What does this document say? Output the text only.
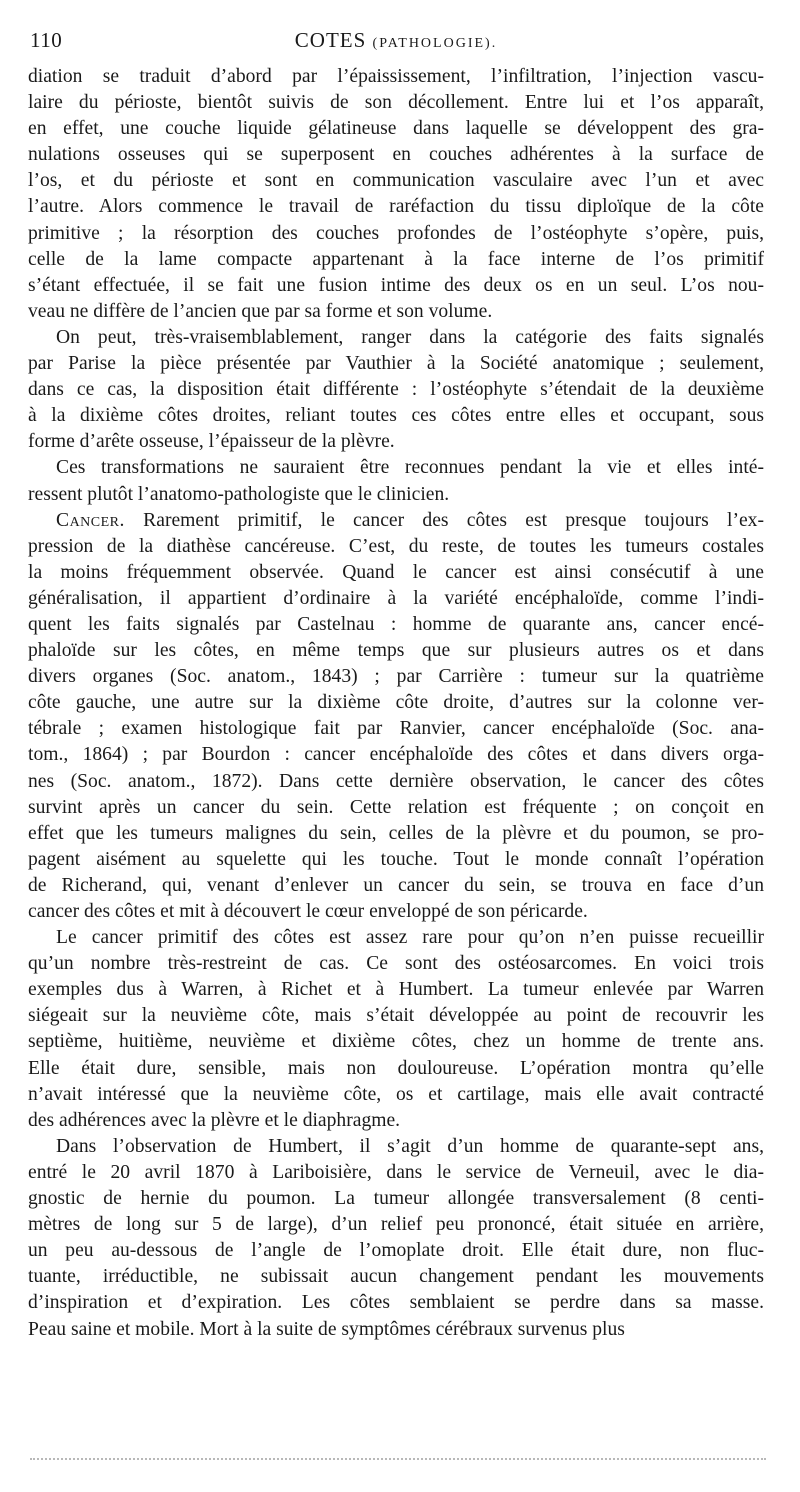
110	COTES (PATHOLOGIE).
diation se traduit d’abord par l’épaississement, l’infiltration, l’injection vascu-
laire du périoste, bientôt suivis de son décollement. Entre lui et l’os apparaît,
en effet, une couche liquide gélatineuse dans laquelle se développent des gra-
nulations osseuses qui se superposent en couches adhérentes à la surface de
l’os, et du périoste et sont en communication vasculaire avec l’un et avec
l’autre. Alors commence le travail de raréfaction du tissu diploïque de la côte
primitive ; la résorption des couches profondes de l’ostéophyte s’opère, puis,
celle de la lame compacte appartenant à la face interne de l’os primitif
s’étant effectuée, il se fait une fusion intime des deux os en un seul. L’os nou-
veau ne diffère de l’ancien que par sa forme et son volume.
On peut, très-vraisemblablement, ranger dans la catégorie des faits signalés
par Parise la pièce présentée par Vauthier à la Société anatomique ; seulement,
dans ce cas, la disposition était différente : l’ostéophyte s’étendait de la deuxième
à la dixième côtes droites, reliant toutes ces côtes entre elles et occupant, sous
forme d’arête osseuse, l’épaisseur de la plèvre.
Ces transformations ne sauraient être reconnues pendant la vie et elles inté-
ressent plutôt l’anatomo-pathologiste que le clinicien.
Cancer. Rarement primitif, le cancer des côtes est presque toujours l’ex-
pression de la diathèse cancéreuse. C’est, du reste, de toutes les tumeurs costales
la moins fréquemment observée. Quand le cancer est ainsi consécutif à une
généralisation, il appartient d’ordinaire à la variété encéphaloïde, comme l’indi-
quent les faits signalés par Castelnau : homme de quarante ans, cancer encé-
phaloïde sur les côtes, en même temps que sur plusieurs autres os et dans
divers organes (Soc. anatom., 1843) ; par Carrière : tumeur sur la quatrième
côte gauche, une autre sur la dixième côte droite, d’autres sur la colonne ver-
tébrale ; examen histologique fait par Ranvier, cancer encéphaloïde (Soc. ana-
tom., 1864) ; par Bourdon : cancer encéphaloïde des côtes et dans divers orga-
nes (Soc. anatom., 1872). Dans cette dernière observation, le cancer des côtes
survint après un cancer du sein. Cette relation est fréquente ; on conçoit en
effet que les tumeurs malignes du sein, celles de la plèvre et du poumon, se pro-
pagent aisément au squelette qui les touche. Tout le monde connaît l’opération
de Richerand, qui, venant d’enlever un cancer du sein, se trouva en face d’un
cancer des côtes et mit à découvert le cœur enveloppé de son péricarde.
Le cancer primitif des côtes est assez rare pour qu’on n’en puisse recueillir
qu’un nombre très-restreint de cas. Ce sont des ostéosarcomes. En voici trois
exemples dus à Warren, à Richet et à Humbert. La tumeur enlevée par Warren
siégeait sur la neuvième côte, mais s’était développée au point de recouvrir les
septième, huitième, neuvième et dixième côtes, chez un homme de trente ans.
Elle était dure, sensible, mais non douloureuse. L’opération montra qu’elle
n’avait intéressé que la neuvième côte, os et cartilage, mais elle avait contracté
des adhérences avec la plèvre et le diaphragme.
Dans l’observation de Humbert, il s’agit d’un homme de quarante-sept ans,
entré le 20 avril 1870 à Lariboisière, dans le service de Verneuil, avec le dia-
gnostic de hernie du poumon. La tumeur allongée transversalement (8 centi-
mètres de long sur 5 de large), d’un relief peu prononcé, était située en arrière,
un peu au-dessous de l’angle de l’omoplate droit. Elle était dure, non fluc-
tuante, irréductible, ne subissait aucun changement pendant les mouvements
d’inspiration et d’expiration. Les côtes semblaient se perdre dans sa masse.
Peau saine et mobile. Mort à la suite de symptômes cérébraux survenus plus
